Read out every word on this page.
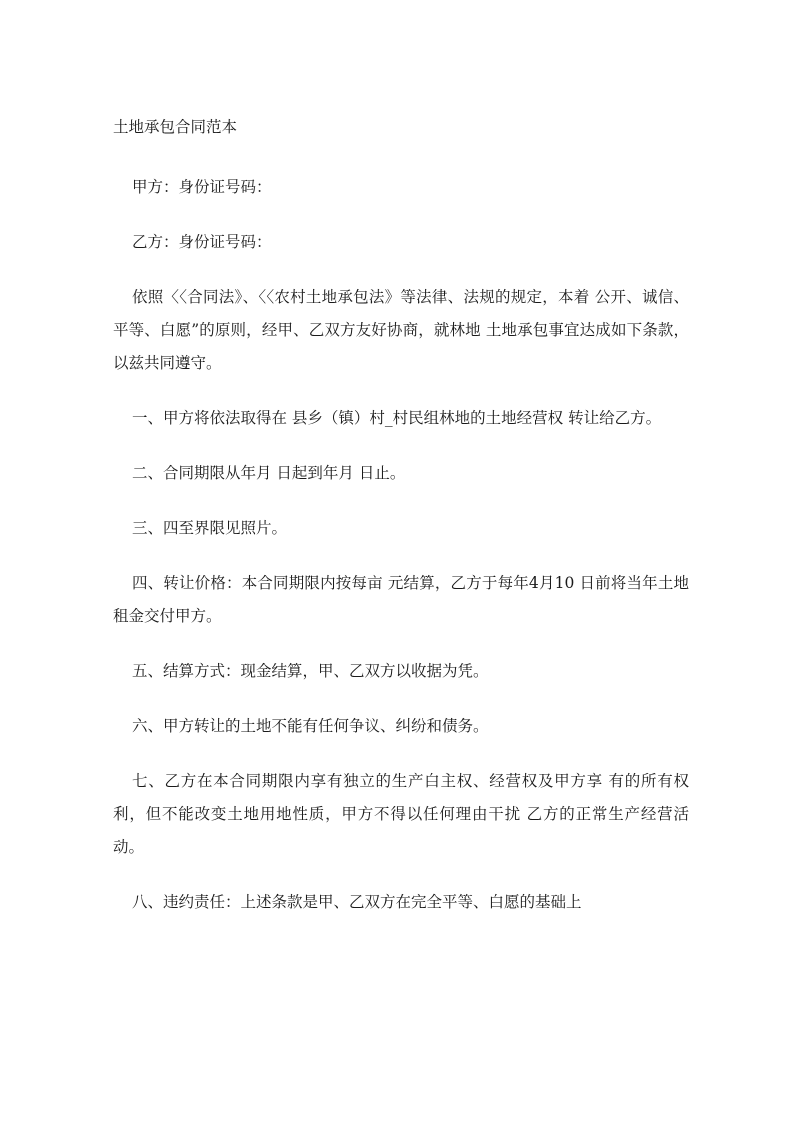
土地承包合同范本

甲方：身份证号码：

乙方：身份证号码：

依照〈〈合同法》、〈〈农村土地承包法》等法律、法规的规定，本着 公开、诚信、平等、白愿”的原则，经甲、乙双方友好协商，就林地 土地承包事宜达成如下条款，以兹共同遵守。

一、甲方将依法取得在 县乡（镇）村_村民组林地的土地经营权 转让给乙方。

二、合同期限从年月 日起到年月 日止。

三、四至界限见照片。

四、转让价格：本合同期限内按每亩 元结算，乙方于每年4月10 日前将当年土地租金交付甲方。

五、结算方式：现金结算，甲、乙双方以收据为凭。

六、甲方转让的土地不能有任何争议、纠纷和债务。

七、乙方在本合同期限内享有独立的生产白主权、经营权及甲方享 有的所有权利，但不能改变土地用地性质，甲方不得以任何理由干扰 乙方的正常生产经营活动。

八、违约责任：上述条款是甲、乙双方在完全平等、白愿的基础上
